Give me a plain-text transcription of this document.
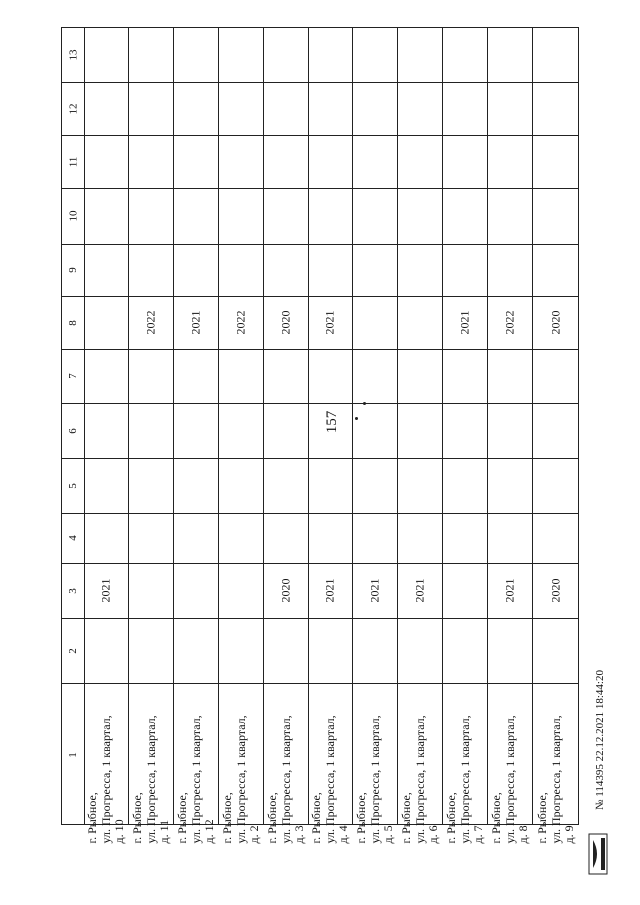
157
13
12
11
10
9
8
7
6
5
4
3
2
1
г. Рыбное,
ул. Прогресса, 1 квартал,
д. 10
2021
г. Рыбное,
ул. Прогресса, 1 квартал,
д. 11
2022
г. Рыбное,
ул. Прогресса, 1 квартал,
д. 12
2021
г. Рыбное,
ул. Прогресса, 1 квартал,
д. 2
2022
г. Рыбное,
ул. Прогресса, 1 квартал,
д. 3
2020
2020
г. Рыбное,
ул. Прогресса, 1 квартал,
д. 4
2021
2021
г. Рыбное,
ул. Прогресса, 1 квартал,
д. 5
2021
г. Рыбное,
ул. Прогресса, 1 квартал,
д. 6
2021
г. Рыбное,
ул. Прогресса, 1 квартал,
д. 7
2021
г. Рыбное,
ул. Прогресса, 1 квартал,
д. 8
2021
2022
г. Рыбное,
ул. Прогресса, 1 квартал,
д. 9
2020
2020
№ 114395 22.12.2021 18:44:20
